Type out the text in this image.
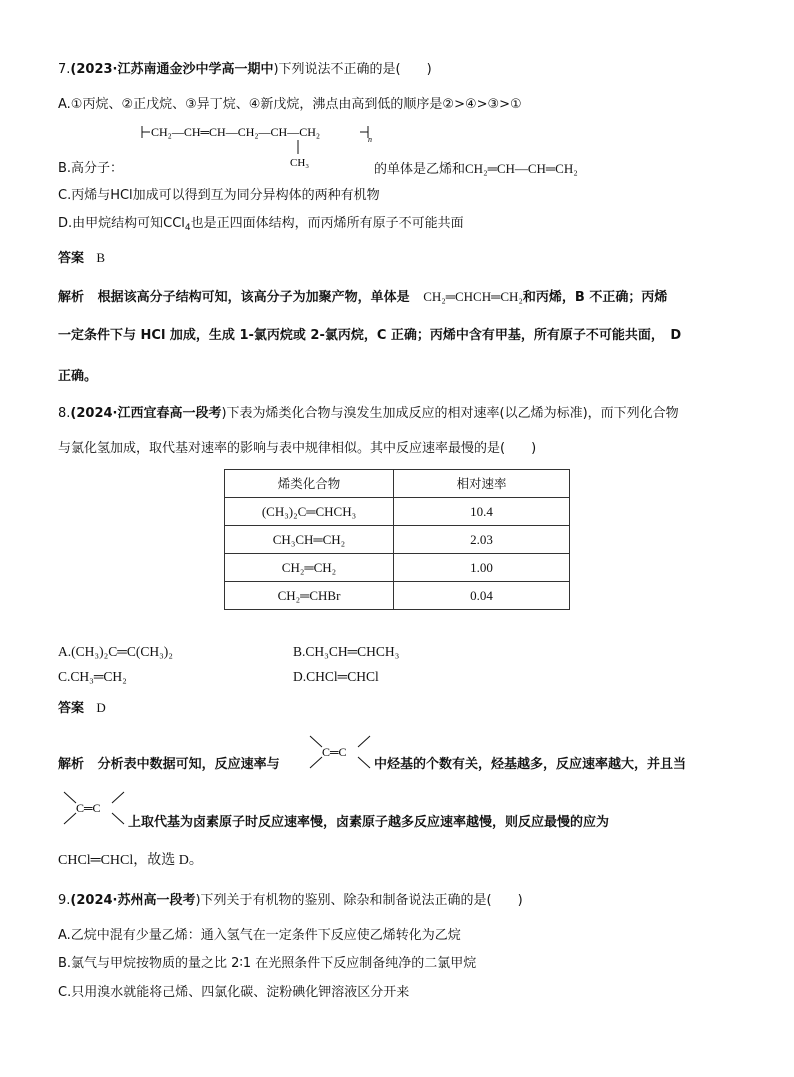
7.(2023·江苏南通金沙中学高一期中)下列说法不正确的是(　　)
A.①丙烷、②正戊烷、③异丁烷、④新戊烷，沸点由高到低的顺序是②>④>③>①
CH₂—CH═CH—CH₂—CH—CH₂
n
CH₃
B.高分子：	的单体是乙烯和CH₂═CH—CH═CH₂
C.丙烯与HCl加成可以得到互为同分异构体的两种有机物
D.由甲烷结构可知CCl$_4$也是正四面体结构，而丙烯所有原子不可能共面
答案 B
解析 根据该高分子结构可知，该高分子为加聚产物，单体是 CH₂═CHCH═CH₂和丙烯，B 不正确；丙烯
一定条件下与 HCl 加成，生成 1-氯丙烷或 2-氯丙烷，C 正确；丙烯中含有甲基，所有原子不可能共面，　D
正确。
8.(2024·江西宜春高一段考)下表为烯类化合物与溴发生加成反应的相对速率(以乙烯为标准)，而下列化合物
与氯化氢加成，取代基对速率的影响与表中规律相似。其中反应速率最慢的是(　　)
烯类化合物	相对速率
(CH₃)₂C═CHCH₃	10.4
CH₃CH═CH₂	2.03
CH₂═CH₂	1.00
CH₂═CHBr	0.04
A.(CH₃)₂C═C(CH₃)₂	B.CH₃CH═CHCH₃
C.CH₃═CH₂	D.CHCl═CHCl
答案 D
C═C
解析 分析表中数据可知，反应速率与	中烃基的个数有关，烃基越多，反应速率越大，并且当
C═C
上取代基为卤素原子时反应速率慢，卤素原子越多反应速率越慢，则反应最慢的应为
CHCl═CHCl，故选 D。
9.(2024·苏州高一段考)下列关于有机物的鉴别、除杂和制备说法正确的是(　　)
A.乙烷中混有少量乙烯：通入氢气在一定条件下反应使乙烯转化为乙烷
B.氯气与甲烷按物质的量之比 2∶1 在光照条件下反应制备纯净的二氯甲烷
C.只用溴水就能将己烯、四氯化碳、淀粉碘化钾溶液区分开来
